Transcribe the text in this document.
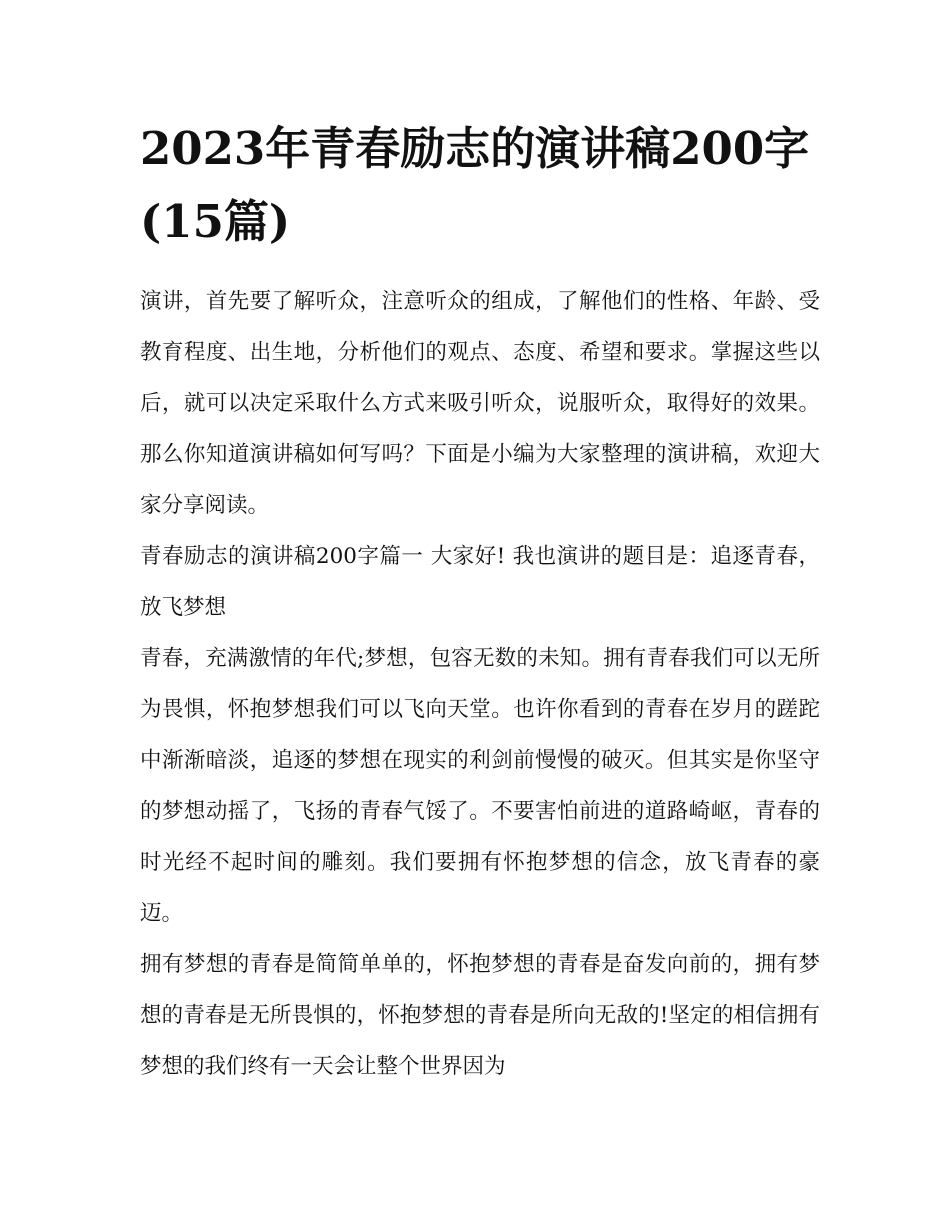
2023年青春励志的演讲稿200字(15篇)

演讲，首先要了解听众，注意听众的组成，了解他们的性格、年龄、受教育程度、出生地，分析他们的观点、态度、希望和要求。掌握这些以后，就可以决定采取什么方式来吸引听众，说服听众，取得好的效果。那么你知道演讲稿如何写吗？下面是小编为大家整理的演讲稿，欢迎大家分享阅读。

青春励志的演讲稿200字篇一 大家好! 我也演讲的题目是：追逐青春，放飞梦想

青春，充满激情的年代;梦想，包容无数的未知。拥有青春我们可以无所为畏惧，怀抱梦想我们可以飞向天堂。也许你看到的青春在岁月的蹉跎中渐渐暗淡，追逐的梦想在现实的利剑前慢慢的破灭。但其实是你坚守的梦想动摇了，飞扬的青春气馁了。不要害怕前进的道路崎岖，青春的时光经不起时间的雕刻。我们要拥有怀抱梦想的信念，放飞青春的豪迈。

拥有梦想的青春是简简单单的，怀抱梦想的青春是奋发向前的，拥有梦想的青春是无所畏惧的，怀抱梦想的青春是所向无敌的!坚定的相信拥有梦想的我们终有一天会让整个世界因为
